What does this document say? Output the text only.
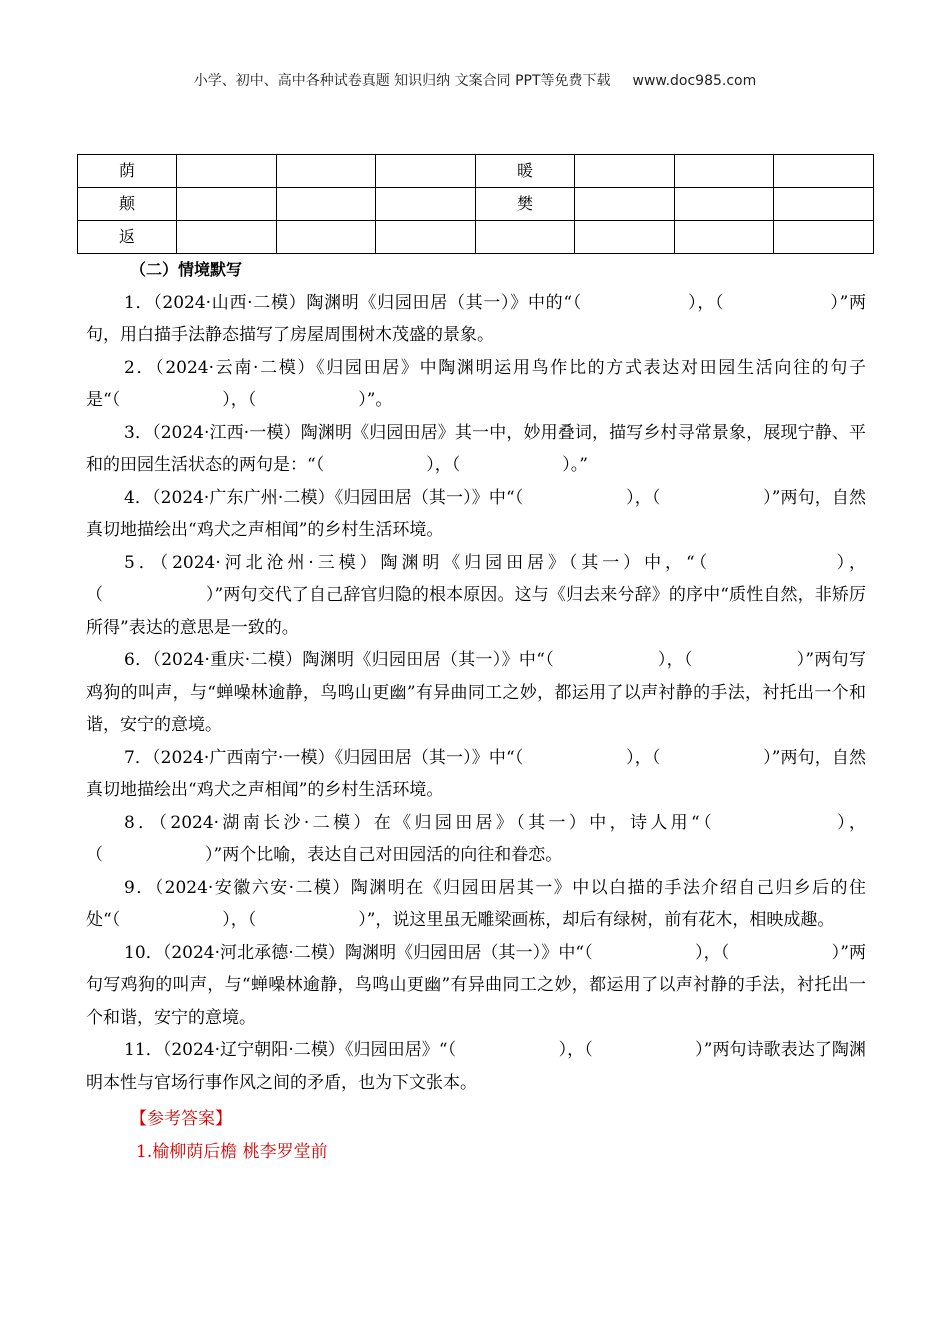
小学、初中、高中各种试卷真题 知识归纳 文案合同 PPT等免费下载 www.doc985.com
荫				暖			
颠				樊			
返							
（二）情境默写

1．（2024·山西·二模）陶渊明《归园田居（其一）》中的“（　　　　　　），（　　　　　　）”两句，用白描手法静态描写了房屋周围树木茂盛的景象。

2．（2024·云南·二模）《归园田居》中陶渊明运用鸟作比的方式表达对田园生活向往的句子是“（　　　　　　），（　　　　　　）”。

3．（2024·江西·一模）陶渊明《归园田居》其一中，妙用叠词，描写乡村寻常景象，展现宁静、平和的田园生活状态的两句是：“（　　　　　　），（　　　　　　）。”

4．（2024·广东广州·二模）《归园田居（其一）》中“（　　　　　　），（　　　　　　）”两句，自然真切地描绘出“鸡犬之声相闻”的乡村生活环境。

5．（2024·河北沧州·三模）陶渊明《归园田居》（其一）中，“（　　　　　　），（　　　　　　）”两句交代了自己辞官归隐的根本原因。这与《归去来兮辞》的序中“质性自然，非矫厉所得”表达的意思是一致的。

6．（2024·重庆·二模）陶渊明《归园田居（其一）》中“（　　　　　　），（　　　　　　）”两句写鸡狗的叫声，与“蝉噪林逾静，鸟鸣山更幽”有异曲同工之妙，都运用了以声衬静的手法，衬托出一个和谐，安宁的意境。

7．（2024·广西南宁·一模）《归园田居（其一）》中“（　　　　　　），（　　　　　　）”两句，自然真切地描绘出“鸡犬之声相闻”的乡村生活环境。

8．（2024·湖南长沙·二模）在《归园田居》（其一）中，诗人用“（　　　　　　），（　　　　　　）”两个比喻，表达自己对田园活的向往和眷恋。

9．（2024·安徽六安·二模）陶渊明在《归园田居其一》中以白描的手法介绍自己归乡后的住处“（　　　　　　），（　　　　　　）”，说这里虽无雕梁画栋，却后有绿树，前有花木，相映成趣。

10．（2024·河北承德·二模）陶渊明《归园田居（其一）》中“（　　　　　　），（　　　　　　）”两句写鸡狗的叫声，与“蝉噪林逾静，鸟鸣山更幽”有异曲同工之妙，都运用了以声衬静的手法，衬托出一个和谐，安宁的意境。

11．（2024·辽宁朝阳·二模）《归园田居》“（　　　　　　），（　　　　　　）”两句诗歌表达了陶渊明本性与官场行事作风之间的矛盾，也为下文张本。

【参考答案】
1.榆柳荫后檐 桃李罗堂前
